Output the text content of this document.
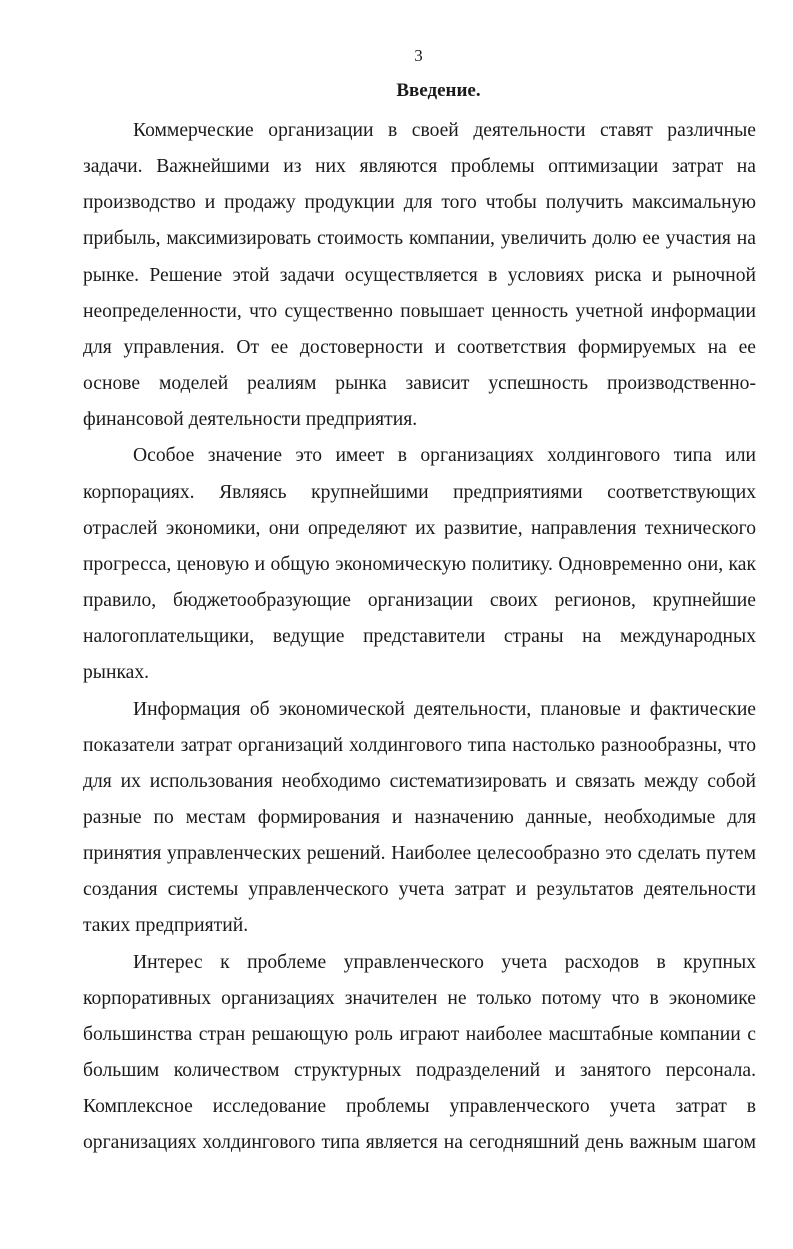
3
Введение.

Коммерческие организации в своей деятельности ставят различные задачи. Важнейшими из них являются проблемы оптимизации затрат на производство и продажу продукции для того чтобы получить максимальную прибыль, максимизировать стоимость компании, увеличить долю ее участия на рынке. Решение этой задачи осуществляется в условиях риска и рыночной неопределенности, что существенно повышает ценность учетной информации для управления. От ее достоверности и соответствия формируемых на ее основе моделей реалиям рынка зависит успешность производственно-финансовой деятельности предприятия.

Особое значение это имеет в организациях холдингового типа или корпорациях. Являясь крупнейшими предприятиями соответствующих отраслей экономики, они определяют их развитие, направления технического прогресса, ценовую и общую экономическую политику. Одновременно они, как правило, бюджетообразующие организации своих регионов, крупнейшие налогоплательщики, ведущие представители страны на международных рынках.

Информация об экономической деятельности, плановые и фактические показатели затрат организаций холдингового типа настолько разнообразны, что для их использования необходимо систематизировать и связать между собой разные по местам формирования и назначению данные, необходимые для принятия управленческих решений. Наиболее целесообразно это сделать путем создания системы управленческого учета затрат и результатов деятельности таких предприятий.

Интерес к проблеме управленческого учета расходов в крупных корпоративных организациях значителен не только потому что в экономике большинства стран решающую роль играют наиболее масштабные компании с большим количеством структурных подразделений и занятого персонала. Комплексное исследование проблемы управленческого учета затрат в организациях холдингового типа является на сегодняшний день важным шагом
